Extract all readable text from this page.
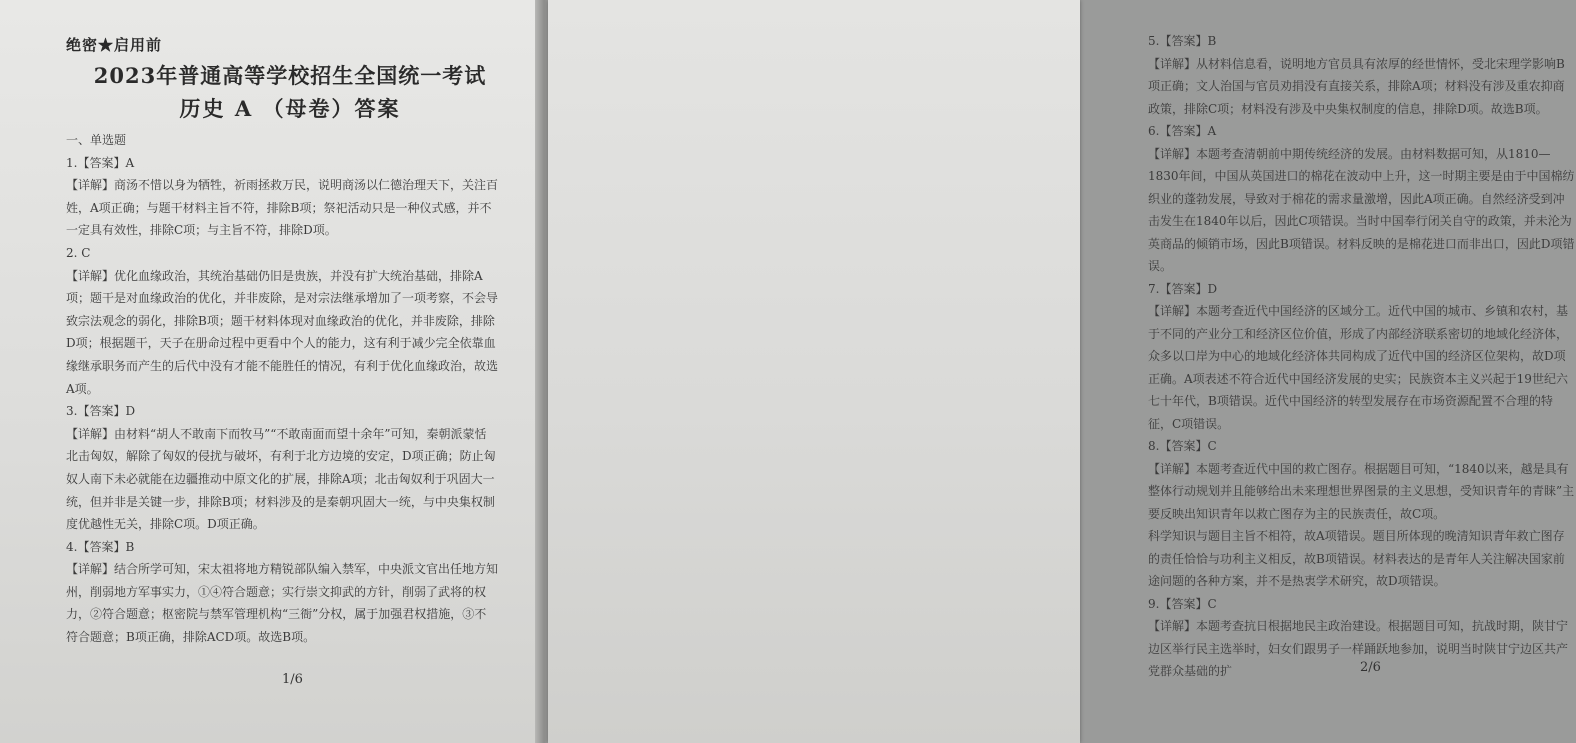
绝密★启用前
2023年普通高等学校招生全国统一考试
历史 A （母卷）答案

一、单选题

1.【答案】A

【详解】商汤不惜以身为牺牲，祈雨拯救万民，说明商汤以仁德治理天下，关注百姓，A项正确；与题干材料主旨不符，排除B项；祭祀活动只是一种仪式感，并不一定具有效性，排除C项；与主旨不符，排除D项。

2. C

【详解】优化血缘政治，其统治基础仍旧是贵族，并没有扩大统治基础，排除A项；题干是对血缘政治的优化，并非废除，是对宗法继承增加了一项考察，不会导致宗法观念的弱化，排除B项；题干材料体现对血缘政治的优化，并非废除，排除D项；根据题干，天子在册命过程中更看中个人的能力，这有利于减少完全依靠血缘继承职务而产生的后代中没有才能不能胜任的情况，有利于优化血缘政治，故选A项。

3.【答案】D

【详解】由材料“胡人不敢南下而牧马”“不敢南面而望十余年”可知，秦朝派蒙恬北击匈奴，解除了匈奴的侵扰与破坏，有利于北方边境的安定，D项正确；防止匈奴人南下未必就能在边疆推动中原文化的扩展，排除A项；北击匈奴利于巩固大一统，但并非是关键一步，排除B项；材料涉及的是秦朝巩固大一统，与中央集权制度优越性无关，排除C项。D项正确。

4.【答案】B

【详解】结合所学可知，宋太祖将地方精锐部队编入禁军，中央派文官出任地方知州，削弱地方军事实力，①④符合题意；实行崇文抑武的方针，削弱了武将的权力，②符合题意；枢密院与禁军管理机构“三衙”分权，属于加强君权措施，③不符合题意；B项正确，排除ACD项。故选B项。

1/6

5.【答案】B

【详解】从材料信息看，说明地方官员具有浓厚的经世情怀，受北宋理学影响B项正确；文人治国与官员劝捐没有直接关系，排除A项；材料没有涉及重农抑商政策，排除C项；材料没有涉及中央集权制度的信息，排除D项。故选B项。

6.【答案】A

【详解】本题考查清朝前中期传统经济的发展。由材料数据可知，从1810—1830年间，中国从英国进口的棉花在波动中上升，这一时期主要是由于中国棉纺织业的蓬勃发展，导致对于棉花的需求量激增，因此A项正确。自然经济受到冲击发生在1840年以后，因此C项错误。当时中国奉行闭关自守的政策，并未沦为英商品的倾销市场，因此B项错误。材料反映的是棉花进口而非出口，因此D项错误。

7.【答案】D

【详解】本题考查近代中国经济的区域分工。近代中国的城市、乡镇和农村，基于不同的产业分工和经济区位价值，形成了内部经济联系密切的地域化经济体，众多以口岸为中心的地域化经济体共同构成了近代中国的经济区位架构，故D项正确。A项表述不符合近代中国经济发展的史实；民族资本主义兴起于19世纪六七十年代，B项错误。近代中国经济的转型发展存在市场资源配置不合理的特征，C项错误。

8.【答案】C

【详解】本题考查近代中国的救亡图存。根据题目可知，“1840以来，越是具有整体行动规划并且能够给出未来理想世界图景的主义思想，受知识青年的青睐”主要反映出知识青年以救亡图存为主的民族责任，故C项。

科学知识与题目主旨不相符，故A项错误。题目所体现的晚清知识青年救亡图存的责任恰恰与功利主义相反，故B项错误。材料表达的是青年人关注解决国家前途问题的各种方案，并不是热衷学术研究，故D项错误。

9.【答案】C

【详解】本题考查抗日根据地民主政治建设。根据题目可知，抗战时期，陕甘宁边区举行民主选举时，妇女们跟男子一样踊跃地参加，说明当时陕甘宁边区共产党群众基础的扩	2/6
